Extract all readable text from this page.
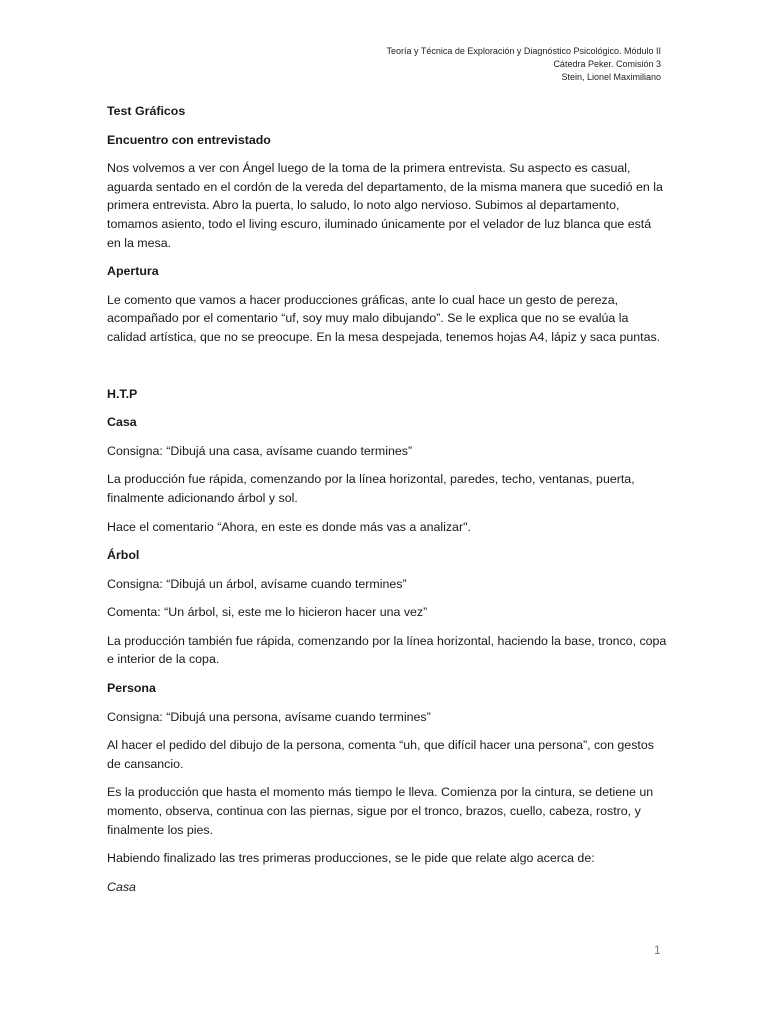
Teoría y Técnica de Exploración y Diagnóstico Psicológico. Módulo II
Cátedra Peker. Comisión 3
Stein, Lionel Maximiliano
Test Gráficos
Encuentro con entrevistado

Nos volvemos a ver con Ángel luego de la toma de la primera entrevista. Su aspecto es casual, aguarda sentado en el cordón de la vereda del departamento, de la misma manera que sucedió en la primera entrevista. Abro la puerta, lo saludo, lo noto algo nervioso. Subimos al departamento, tomamos asiento, todo el living escuro, iluminado únicamente por el velador de luz blanca que está en la mesa.

Apertura

Le comento que vamos a hacer producciones gráficas, ante lo cual hace un gesto de pereza, acompañado por el comentario “uf, soy muy malo dibujando”. Se le explica que no se evalúa la calidad artística, que no se preocupe. En la mesa despejada, tenemos hojas A4, lápiz y saca puntas.

H.T.P
Casa

Consigna: “Dibujá una casa, avísame cuando termines”

La producción fue rápida, comenzando por la línea horizontal, paredes, techo, ventanas, puerta, finalmente adicionando árbol y sol.

Hace el comentario “Ahora, en este es donde más vas a analizar".

Árbol

Consigna: “Dibujá un árbol, avísame cuando termines”

Comenta: “Un árbol, si, este me lo hicieron hacer una vez”

La producción también fue rápida, comenzando por la línea horizontal, haciendo la base, tronco, copa e interior de la copa.

Persona

Consigna: “Dibujá una persona, avísame cuando termines”

Al hacer el pedido del dibujo de la persona, comenta “uh, que difícil hacer una persona”, con gestos de cansancio.

Es la producción que hasta el momento más tiempo le lleva. Comienza por la cintura, se detiene un momento, observa, continua con las piernas, sigue por el tronco, brazos, cuello, cabeza, rostro, y finalmente los pies.

Habiendo finalizado las tres primeras producciones, se le pide que relate algo acerca de:

Casa

1
